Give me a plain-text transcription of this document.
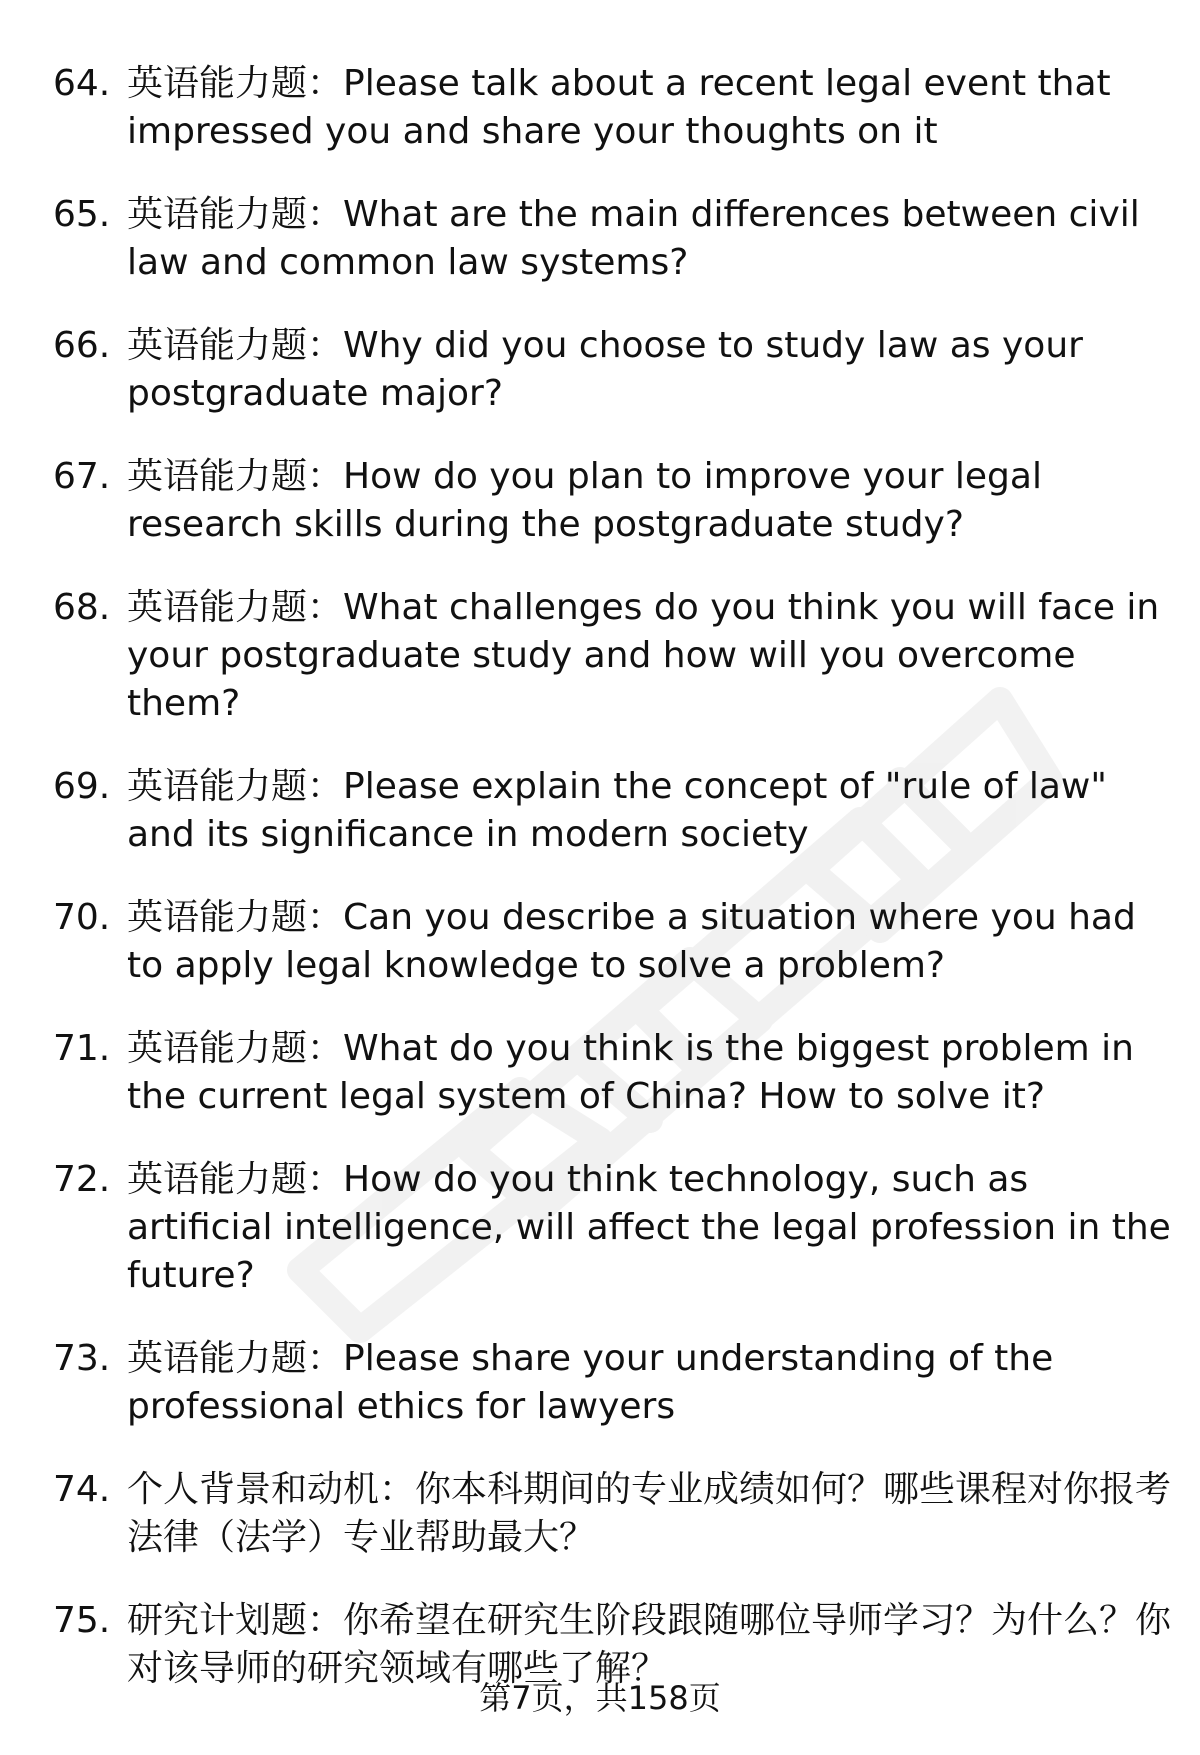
64. 英语能力题：Please talk about a recent legal event that impressed you and share your thoughts on it
65. 英语能力题：What are the main differences between civil law and common law systems?
66. 英语能力题：Why did you choose to study law as your postgraduate major?
67. 英语能力题：How do you plan to improve your legal research skills during the postgraduate study?
68. 英语能力题：What challenges do you think you will face in your postgraduate study and how will you overcome them?
69. 英语能力题：Please explain the concept of "rule of law" and its significance in modern society
70. 英语能力题：Can you describe a situation where you had to apply legal knowledge to solve a problem?
71. 英语能力题：What do you think is the biggest problem in the current legal system of China? How to solve it?
72. 英语能力题：How do you think technology, such as artificial intelligence, will affect the legal profession in the future?
73. 英语能力题：Please share your understanding of the professional ethics for lawyers
74. 个人背景和动机：你本科期间的专业成绩如何？哪些课程对你报考法律（法学）专业帮助最大？
75. 研究计划题：你希望在研究生阶段跟随哪位导师学习？为什么？你对该导师的研究领域有哪些了解？
第7页，共158页
